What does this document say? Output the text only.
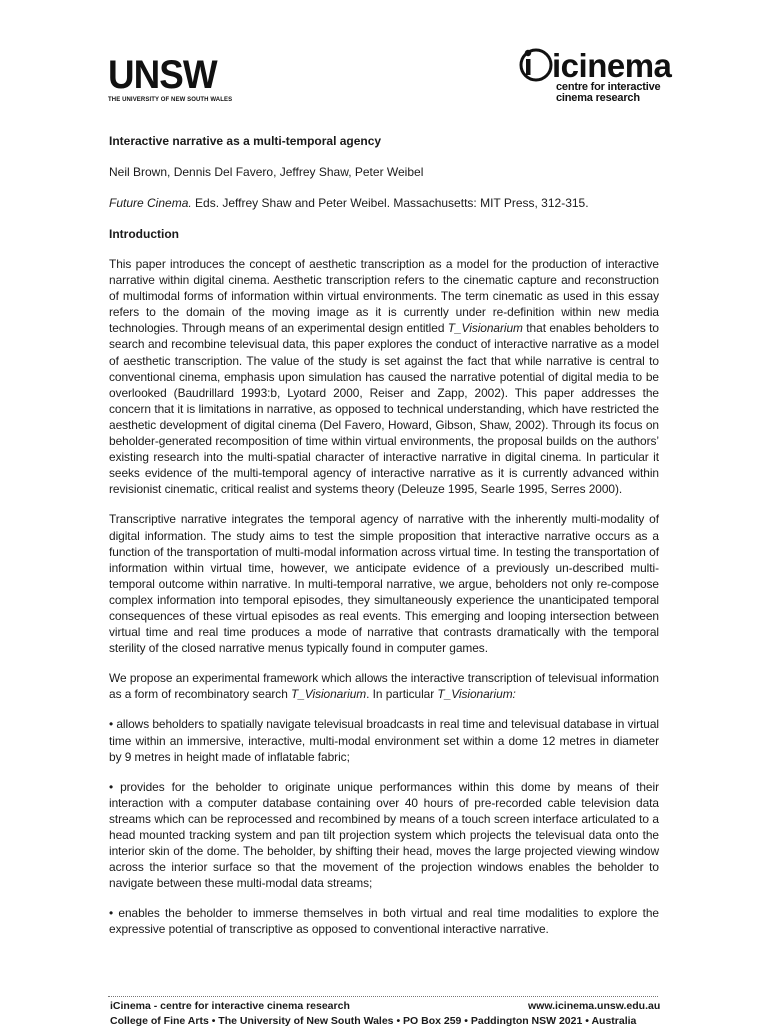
UNSW
THE UNIVERSITY OF NEW SOUTH WALES
icinema
centre for interactive
cinema research

Interactive narrative as a multi-temporal agency

Neil Brown, Dennis Del Favero, Jeffrey Shaw, Peter Weibel

Future Cinema. Eds. Jeffrey Shaw and Peter Weibel. Massachusetts: MIT Press, 312-315.

Introduction

This paper introduces the concept of aesthetic transcription as a model for the production of interactive narrative within digital cinema. Aesthetic transcription refers to the cinematic capture and reconstruction of multimodal forms of information within virtual environments. The term cinematic as used in this essay refers to the domain of the moving image as it is currently under re-definition within new media technologies. Through means of an experimental design entitled T_Visionarium that enables beholders to search and recombine televisual data, this paper explores the conduct of interactive narrative as a model of aesthetic transcription. The value of the study is set against the fact that while narrative is central to conventional cinema, emphasis upon simulation has caused the narrative potential of digital media to be overlooked (Baudrillard 1993:b, Lyotard 2000, Reiser and Zapp, 2002). This paper addresses the concern that it is limitations in narrative, as opposed to technical understanding, which have restricted the aesthetic development of digital cinema (Del Favero, Howard, Gibson, Shaw, 2002). Through its focus on beholder-generated recomposition of time within virtual environments, the proposal builds on the authors’ existing research into the multi-spatial character of interactive narrative in digital cinema. In particular it seeks evidence of the multi-temporal agency of interactive narrative as it is currently advanced within revisionist cinematic, critical realist and systems theory (Deleuze 1995, Searle 1995, Serres 2000).

Transcriptive narrative integrates the temporal agency of narrative with the inherently multi-modality of digital information. The study aims to test the simple proposition that interactive narrative occurs as a function of the transportation of multi-modal information across virtual time. In testing the transportation of information within virtual time, however, we anticipate evidence of a previously un-described multi-temporal outcome within narrative. In multi-temporal narrative, we argue, beholders not only re-compose complex information into temporal episodes, they simultaneously experience the unanticipated temporal consequences of these virtual episodes as real events. This emerging and looping intersection between virtual time and real time produces a mode of narrative that contrasts dramatically with the temporal sterility of the closed narrative menus typically found in computer games.

We propose an experimental framework which allows the interactive transcription of televisual information as a form of recombinatory search T_Visionarium. In particular T_Visionarium:

• allows beholders to spatially navigate televisual broadcasts in real time and televisual database in virtual time within an immersive, interactive, multi-modal environment set within a dome 12 metres in diameter by 9 metres in height made of inflatable fabric;

• provides for the beholder to originate unique performances within this dome by means of their interaction with a computer database containing over 40 hours of pre-recorded cable television data streams which can be reprocessed and recombined by means of a touch screen interface articulated to a head mounted tracking system and pan tilt projection system which projects the televisual data onto the interior skin of the dome. The beholder, by shifting their head, moves the large projected viewing window across the interior surface so that the movement of the projection windows enables the beholder to navigate between these multi-modal data streams;

• enables the beholder to immerse themselves in both virtual and real time modalities to explore the expressive potential of transcriptive as opposed to conventional interactive narrative.

iCinema - centre for interactive cinema research	www.icinema.unsw.edu.au
College of Fine Arts • The University of New South Wales • PO Box 259 • Paddington NSW 2021 • Australia
